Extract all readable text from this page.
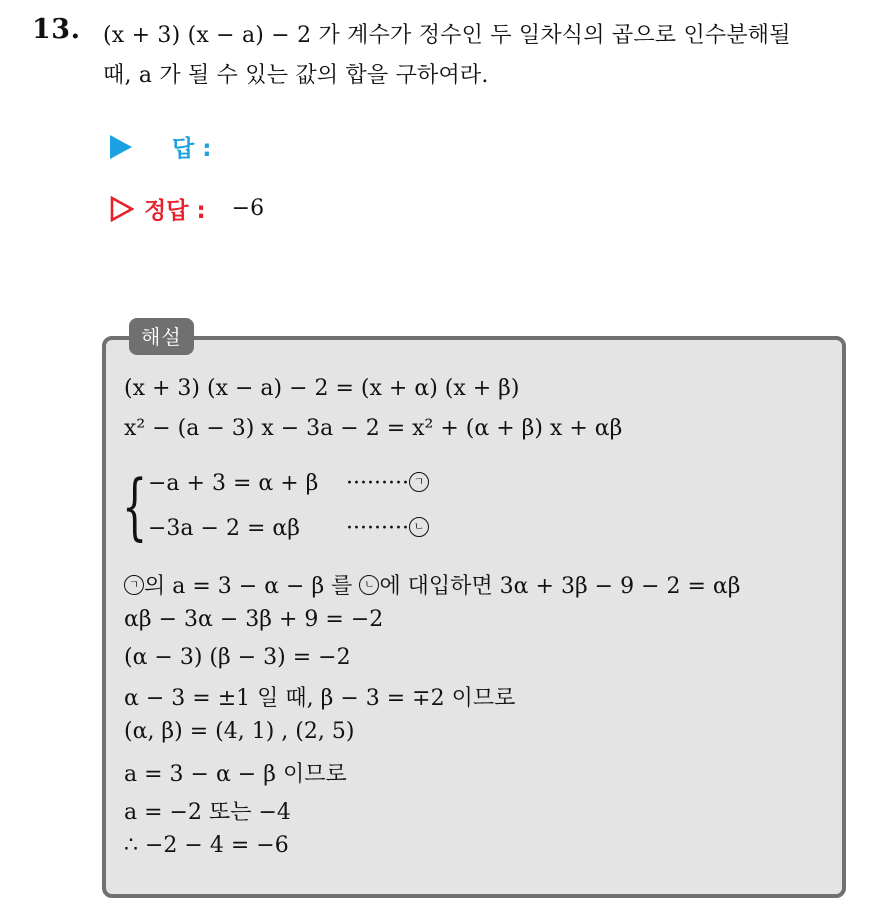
13. (x + 3) (x − a) − 2 가 계수가 정수인 두 일차식의 곱으로 인수분해될
때, a 가 될 수 있는 값의 합을 구하여라.
답 :
정답 : −6
해설
(x + 3) (x − a) − 2 = (x + α) (x + β)
x² − (a − 3) x − 3a − 2 = x² + (α + β) x + αβ
{ −a + 3 = α + β ········· ㄱ
−3a − 2 = αβ ········· ㄴ
ㄱ 의 a = 3 − α − β 를 ㄴ 에 대입하면 3α + 3β − 9 − 2 = αβ
αβ − 3α − 3β + 9 = −2
(α − 3) (β − 3) = −2
α − 3 = ±1 일 때, β − 3 = ∓2 이므로
(α, β) = (4, 1) , (2, 5)
a = 3 − α − β 이므로
a = −2 또는 −4
∴ −2 − 4 = −6
